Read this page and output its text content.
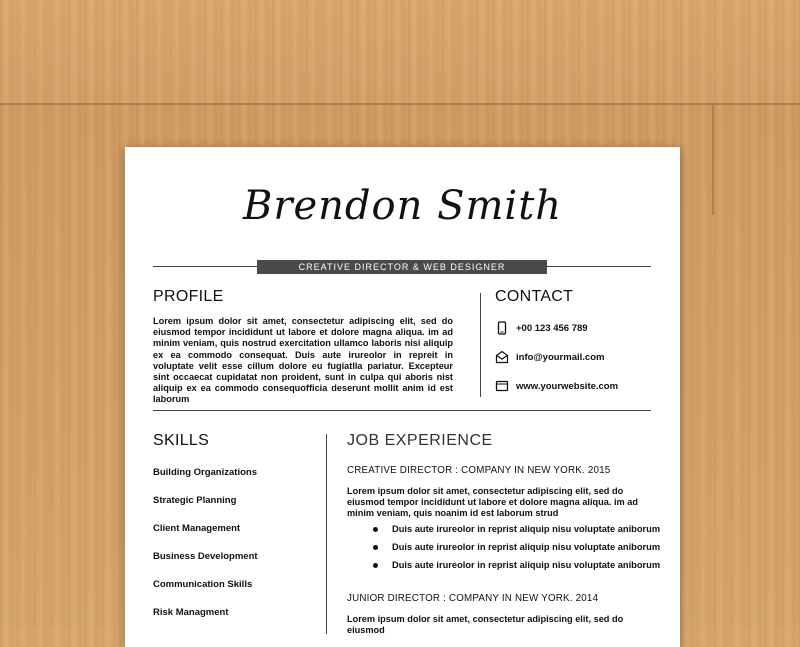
Brendon Smith
CREATIVE DIRECTOR & WEB DESIGNER
PROFILE
Lorem ipsum dolor sit amet, consectetur adipiscing elit, sed do eiusmod tempor incididunt ut labore et dolore magna aliqua. im ad minim veniam, quis nostrud exercitation ullamco laboris nisi aliquip ex ea commodo consequat. Duis aute irureolor in repreit in voluptate velit esse cillum dolore eu fugiatlla pariatur. Excepteur sint occaecat cupidatat non proident, sunt in culpa qui aboris nist aliquip ex ea commodo consequofficia deserunt mollit anim id est laborum
CONTACT
+00 123 456 789
info@yourmail.com
www.yourwebsite.com
SKILLS
Building Organizations
Strategic Planning
Client Management
Business Development
Communication Skills
Risk Managment
JOB EXPERIENCE
CREATIVE DIRECTOR : COMPANY IN NEW YORK. 2015
Lorem ipsum dolor sit amet, consectetur adipiscing elit, sed do eiusmod tempor incididunt ut labore et dolore magna aliqua. im ad minim veniam, quis noanim id est laborum strud
Duis aute irureolor in reprist aliquip nisu voluptate aniborum
Duis aute irureolor in reprist aliquip nisu voluptate aniborum
Duis aute irureolor in reprist aliquip nisu voluptate aniborum
JUNIOR DIRECTOR : COMPANY IN NEW YORK. 2014
Lorem ipsum dolor sit amet, consectetur adipiscing elit, sed do eiusmod
